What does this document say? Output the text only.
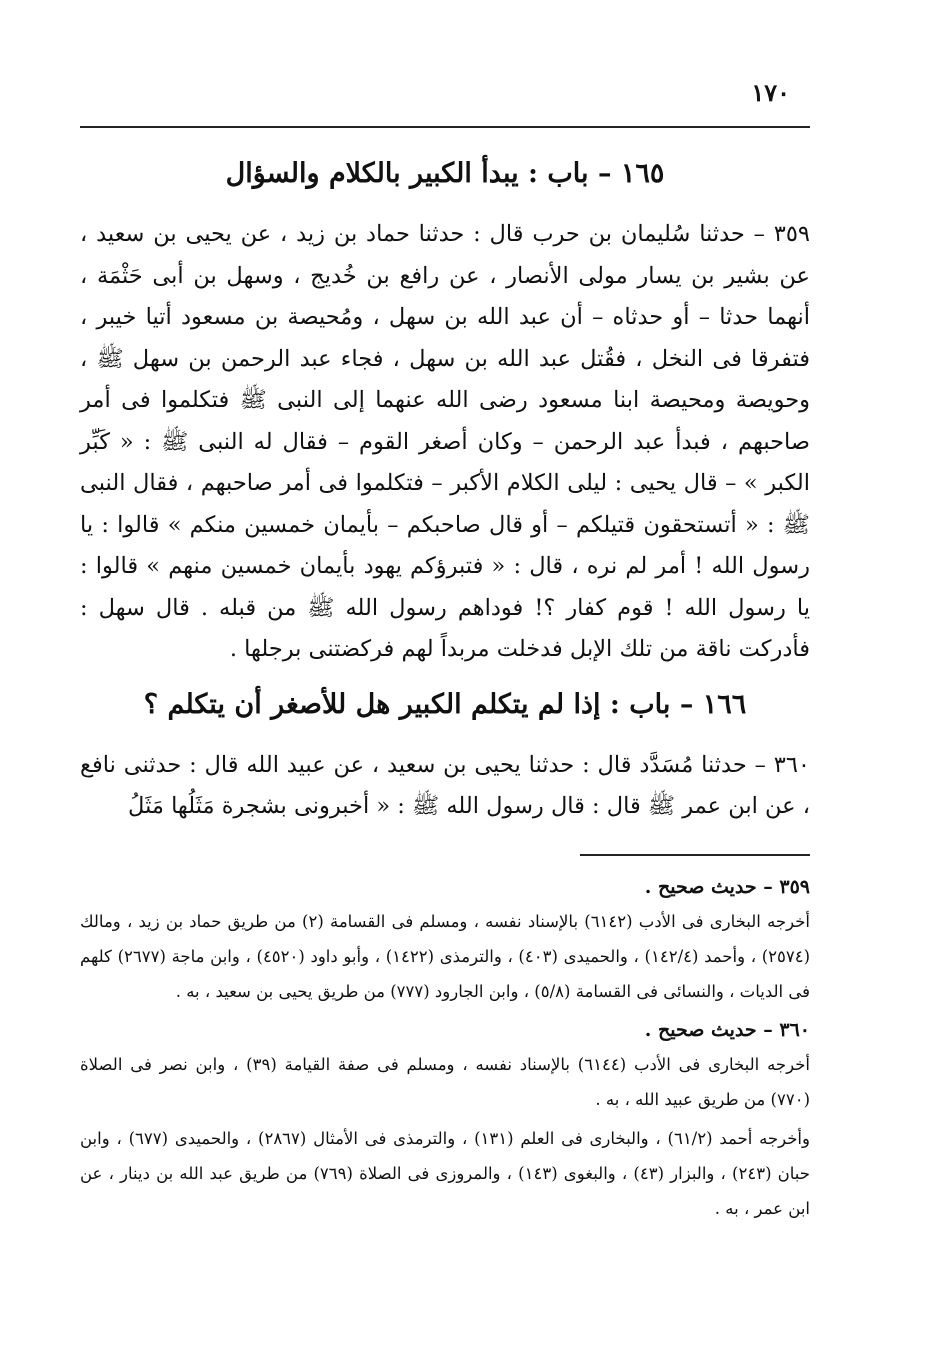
١٧٠
١٦٥ – باب : يبدأ الكبير بالكلام والسؤال

٣٥٩ – حدثنا سُليمان بن حرب قال : حدثنا حماد بن زيد ، عن يحيى بن سعيد ، عن بشير بن يسار مولى الأنصار ، عن رافع بن خُديج ، وسهل بن أبى حَثْمَة ، أنهما حدثا – أو حدثاه – أن عبد الله بن سهل ، ومُحيصة بن مسعود أتيا خيبر ، فتفرقا فى النخل ، فقُتل عبد الله بن سهل ، فجاء عبد الرحمن بن سهل ﷺ ، وحويصة ومحيصة ابنا مسعود رضى الله عنهما إلى النبى ﷺ فتكلموا فى أمر صاحبهم ، فبدأ عبد الرحمن – وكان أصغر القوم – فقال له النبى ﷺ : « كَبِّر الكبر » – قال يحيى : ليلى الكلام الأكبر – فتكلموا فى أمر صاحبهم ، فقال النبى ﷺ : « أتستحقون قتيلكم – أو قال صاحبكم – بأيمان خمسين منكم » قالوا : يا رسول الله ! أمر لم نره ، قال : « فتبرؤكم يهود بأيمان خمسين منهم » قالوا : يا رسول الله ! قوم كفار ؟! فوداهم رسول الله ﷺ من قبله . قال سهل : فأدركت ناقة من تلك الإبل فدخلت مربداً لهم فركضتنى برجلها .

١٦٦ – باب : إذا لم يتكلم الكبير هل للأصغر أن يتكلم ؟

٣٦٠ – حدثنا مُسَدَّد قال : حدثنا يحيى بن سعيد ، عن عبيد الله قال : حدثنى نافع ، عن ابن عمر ﷺ قال : قال رسول الله ﷺ : « أخبرونى بشجرة مَثَلُها مَثَلُ

٣٥٩ – حديث صحيح .

أخرجه البخارى فى الأدب (٦١٤٢) بالإسناد نفسه ، ومسلم فى القسامة (٢) من طريق حماد بن زيد ، ومالك (٢٥٧٤) ، وأحمد (١٤٢/٤) ، والحميدى (٤٠٣) ، والترمذى (١٤٢٢) ، وأبو داود (٤٥٢٠) ، وابن ماجة (٢٦٧٧) كلهم فى الديات ، والنسائى فى القسامة (٥/٨) ، وابن الجارود (٧٧٧) من طريق يحيى بن سعيد ، به .

٣٦٠ – حديث صحيح .

أخرجه البخارى فى الأدب (٦١٤٤) بالإسناد نفسه ، ومسلم فى صفة القيامة (٣٩) ، وابن نصر فى الصلاة (٧٧٠) من طريق عبيد الله ، به .

وأخرجه أحمد (٦١/٢) ، والبخارى فى العلم (١٣١) ، والترمذى فى الأمثال (٢٨٦٧) ، والحميدى (٦٧٧) ، وابن حبان (٢٤٣) ، والبزار (٤٣) ، والبغوى (١٤٣) ، والمروزى فى الصلاة (٧٦٩) من طريق عبد الله بن دينار ، عن ابن عمر ، به .
